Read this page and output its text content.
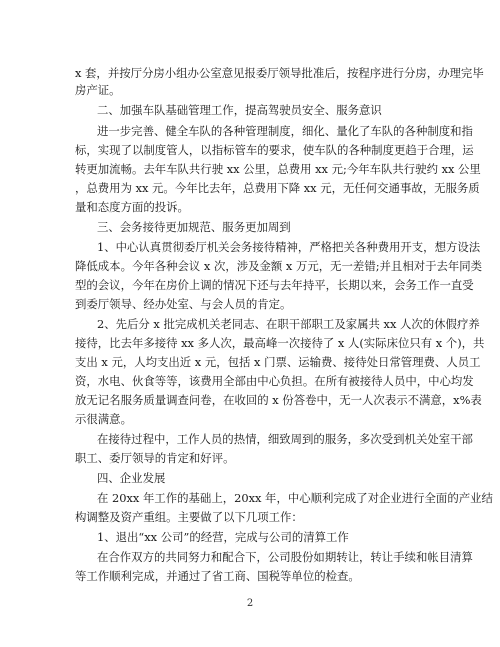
x 套，并按厅分房小组办公室意见报委厅领导批准后，按程序进行分房，办理完毕
房产证。
二、加强车队基础管理工作，提高驾驶员安全、服务意识
进一步完善、健全车队的各种管理制度，细化、量化了车队的各种制度和指
标，实现了以制度管人，以指标管车的要求，使车队的各种制度更趋于合理，运
转更加流畅。去年车队共行驶 xx 公里，总费用 xx 元;今年车队共行驶约 xx 公里
，总费用为 xx 元。今年比去年，总费用下降 xx 元，无任何交通事故，无服务质
量和态度方面的投诉。
三、会务接待更加规范、服务更加周到
1、中心认真贯彻委厅机关会务接待精神，严格把关各种费用开支，想方设法
降低成本。今年各种会议 x 次，涉及金额 x 万元，无一差错;并且相对于去年同类
型的会议，今年在房价上调的情况下还与去年持平，长期以来，会务工作一直受
到委厅领导、经办处室、与会人员的肯定。
2、先后分 x 批完成机关老同志、在职干部职工及家属共 xx 人次的休假疗养
接待，比去年多接待 xx 多人次，最高峰一次接待了 x 人(实际床位只有 x 个)，共
支出 x 元，人均支出近 x 元，包括 x 门票、运输费、接待处日常管理费、人员工
资，水电、伙食等等，该费用全部由中心负担。在所有被接待人员中，中心均发
放无记名服务质量调查问卷，在收回的 x 份答卷中，无一人次表示不满意，x%表
示很满意。
在接待过程中，工作人员的热情，细致周到的服务，多次受到机关处室干部
职工、委厅领导的肯定和好评。
四、企业发展
在 20xx 年工作的基础上，20xx 年，中心顺利完成了对企业进行全面的产业结
构调整及资产重组。主要做了以下几项工作：
1、退出“xx 公司”的经营，完成与公司的清算工作
在合作双方的共同努力和配合下，公司股份如期转让，转让手续和帐目清算
等工作顺利完成，并通过了省工商、国税等单位的检查。
2
